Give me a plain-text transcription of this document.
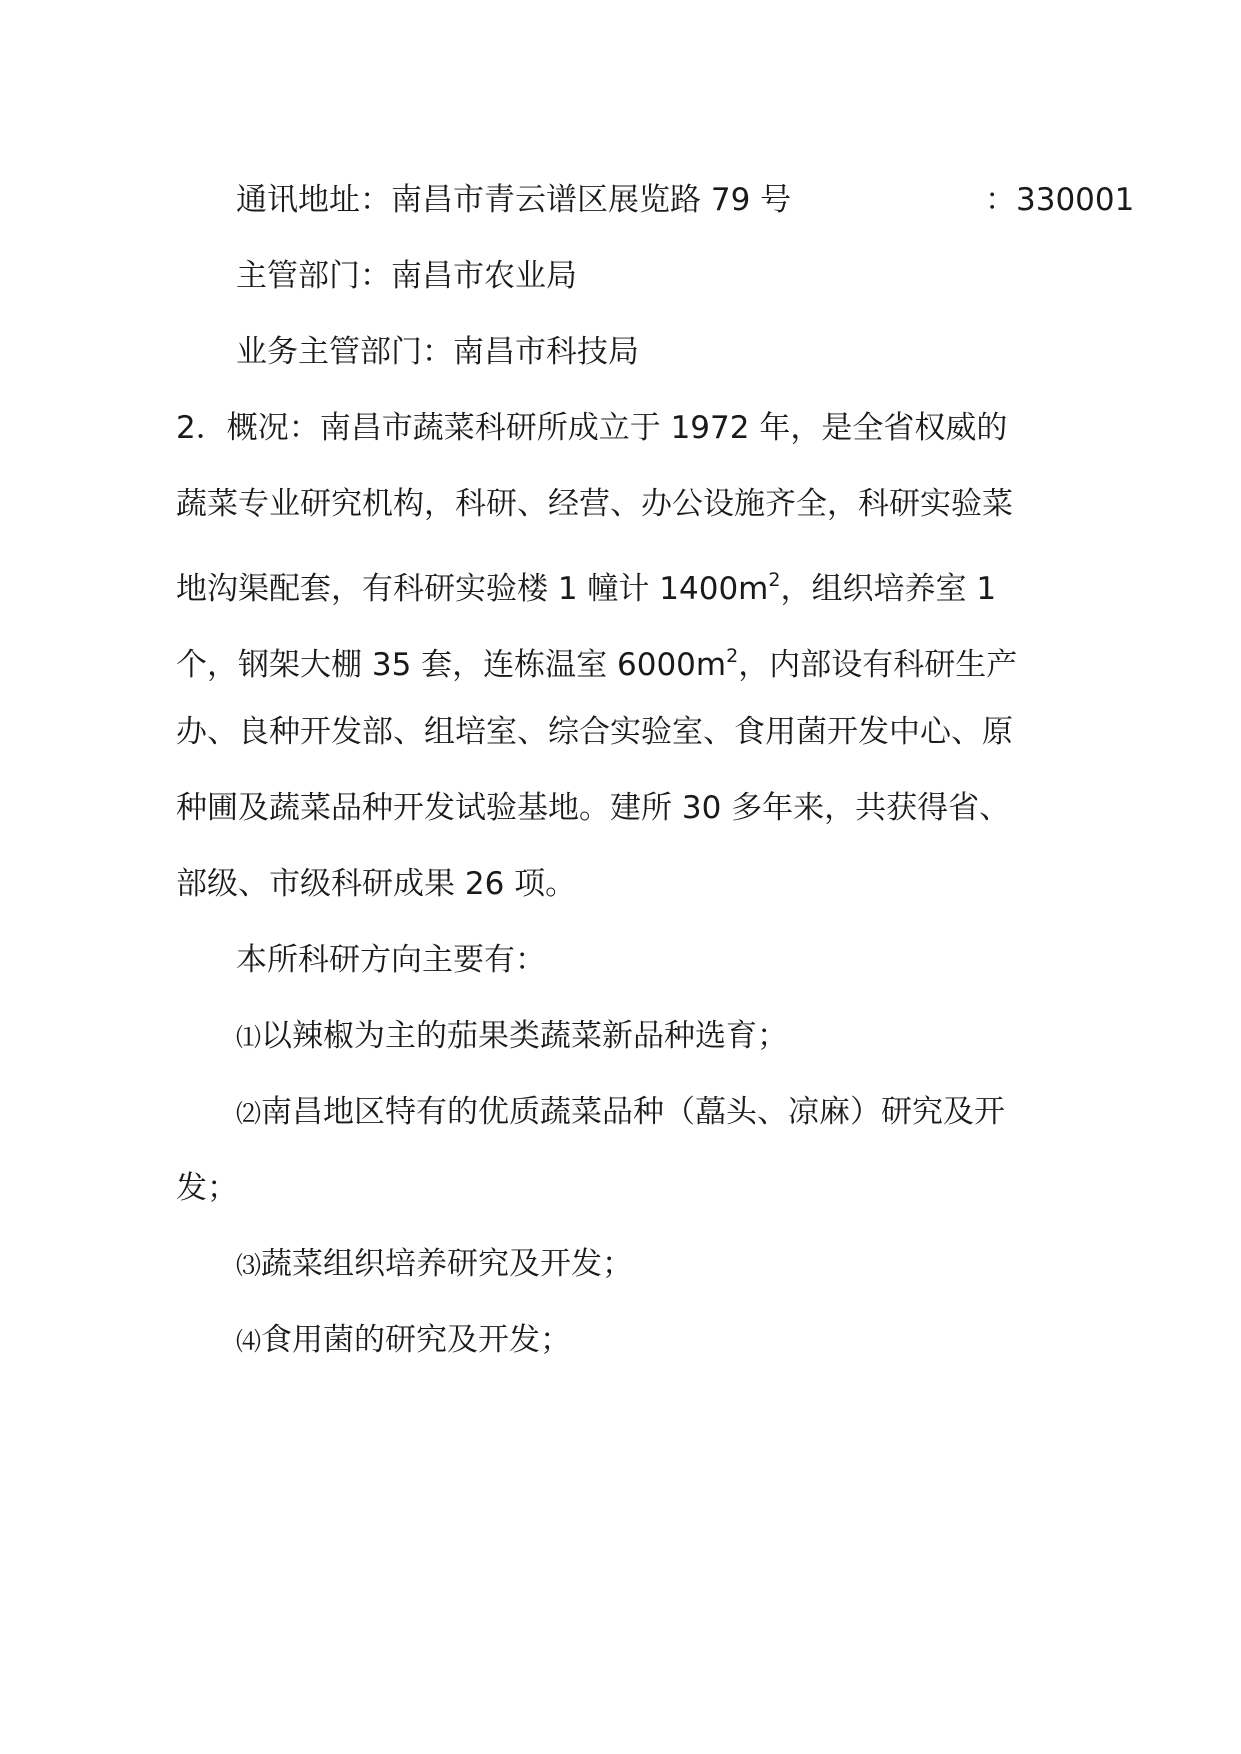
通讯地址：南昌市青云谱区展览路 79 号	：330001
主管部门：南昌市农业局
业务主管部门：南昌市科技局
2．概况：南昌市蔬菜科研所成立于 1972 年，是全省权威的
蔬菜专业研究机构，科研、经营、办公设施齐全，科研实验菜
地沟渠配套，有科研实验楼 1 幢计 $1400m^2$，组织培养室 1
个，钢架大棚 35 套，连栋温室 $6000m^2$，内部设有科研生产
办、良种开发部、组培室、综合实验室、食用菌开发中心、原
种圃及蔬菜品种开发试验基地。建所 30 多年来，共获得省、
部级、市级科研成果 26 项。
本所科研方向主要有：
⑴以辣椒为主的茄果类蔬菜新品种选育；
⑵南昌地区特有的优质蔬菜品种（藠头、凉麻）研究及开
发；
⑶蔬菜组织培养研究及开发；
⑷食用菌的研究及开发；
